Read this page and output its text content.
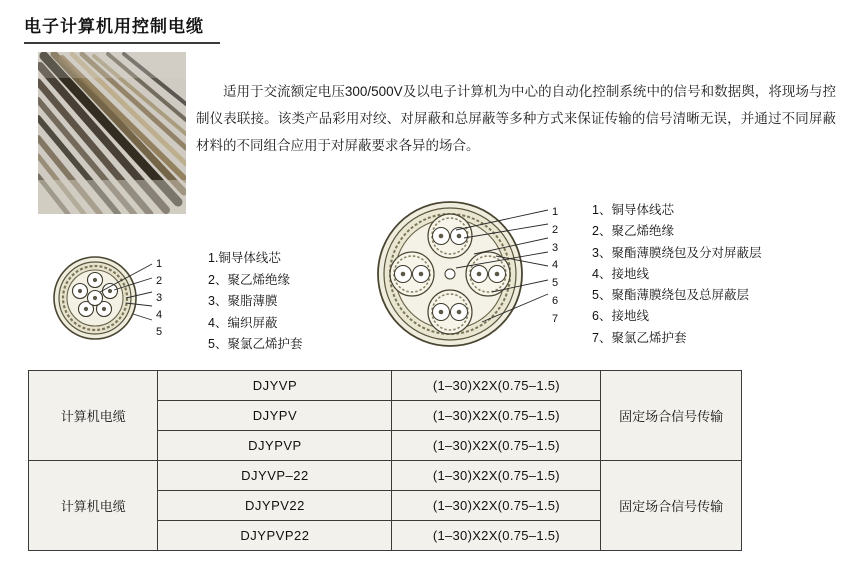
电子计算机用控制电缆
适用于交流额定电压300/500V及以电子计算机为中心的自动化控制系统中的信号和数据舆，将现场与控制仪表联接。该类产品彩用对绞、对屏蔽和总屏蔽等多种方式来保证传输的信号清晰无误，并通过不同屏蔽材料的不同组合应用于对屏蔽要求各异的场合。
1
2
3
4
5
1.铜导体线芯
2、聚乙烯绝缘
3、聚脂薄膜
4、编织屏蔽
5、聚氯乙烯护套
1
2
3
4
5
6
7
1、铜导体线芯
2、聚乙烯绝缘
3、聚酯薄膜绕包及分对屏蔽层
4、接地线
5、聚酯薄膜绕包及总屏蔽层
6、接地线
7、聚氯乙烯护套
计算机电缆	DJYVP	(1–30)X2X(0.75–1.5)	固定场合信号传输
	DJYPV	(1–30)X2X(0.75–1.5)	
	DJYPVP	(1–30)X2X(0.75–1.5)	
计算机电缆	DJYVP–22	(1–30)X2X(0.75–1.5)	固定场合信号传输
	DJYPV22	(1–30)X2X(0.75–1.5)	
	DJYPVP22	(1–30)X2X(0.75–1.5)	
